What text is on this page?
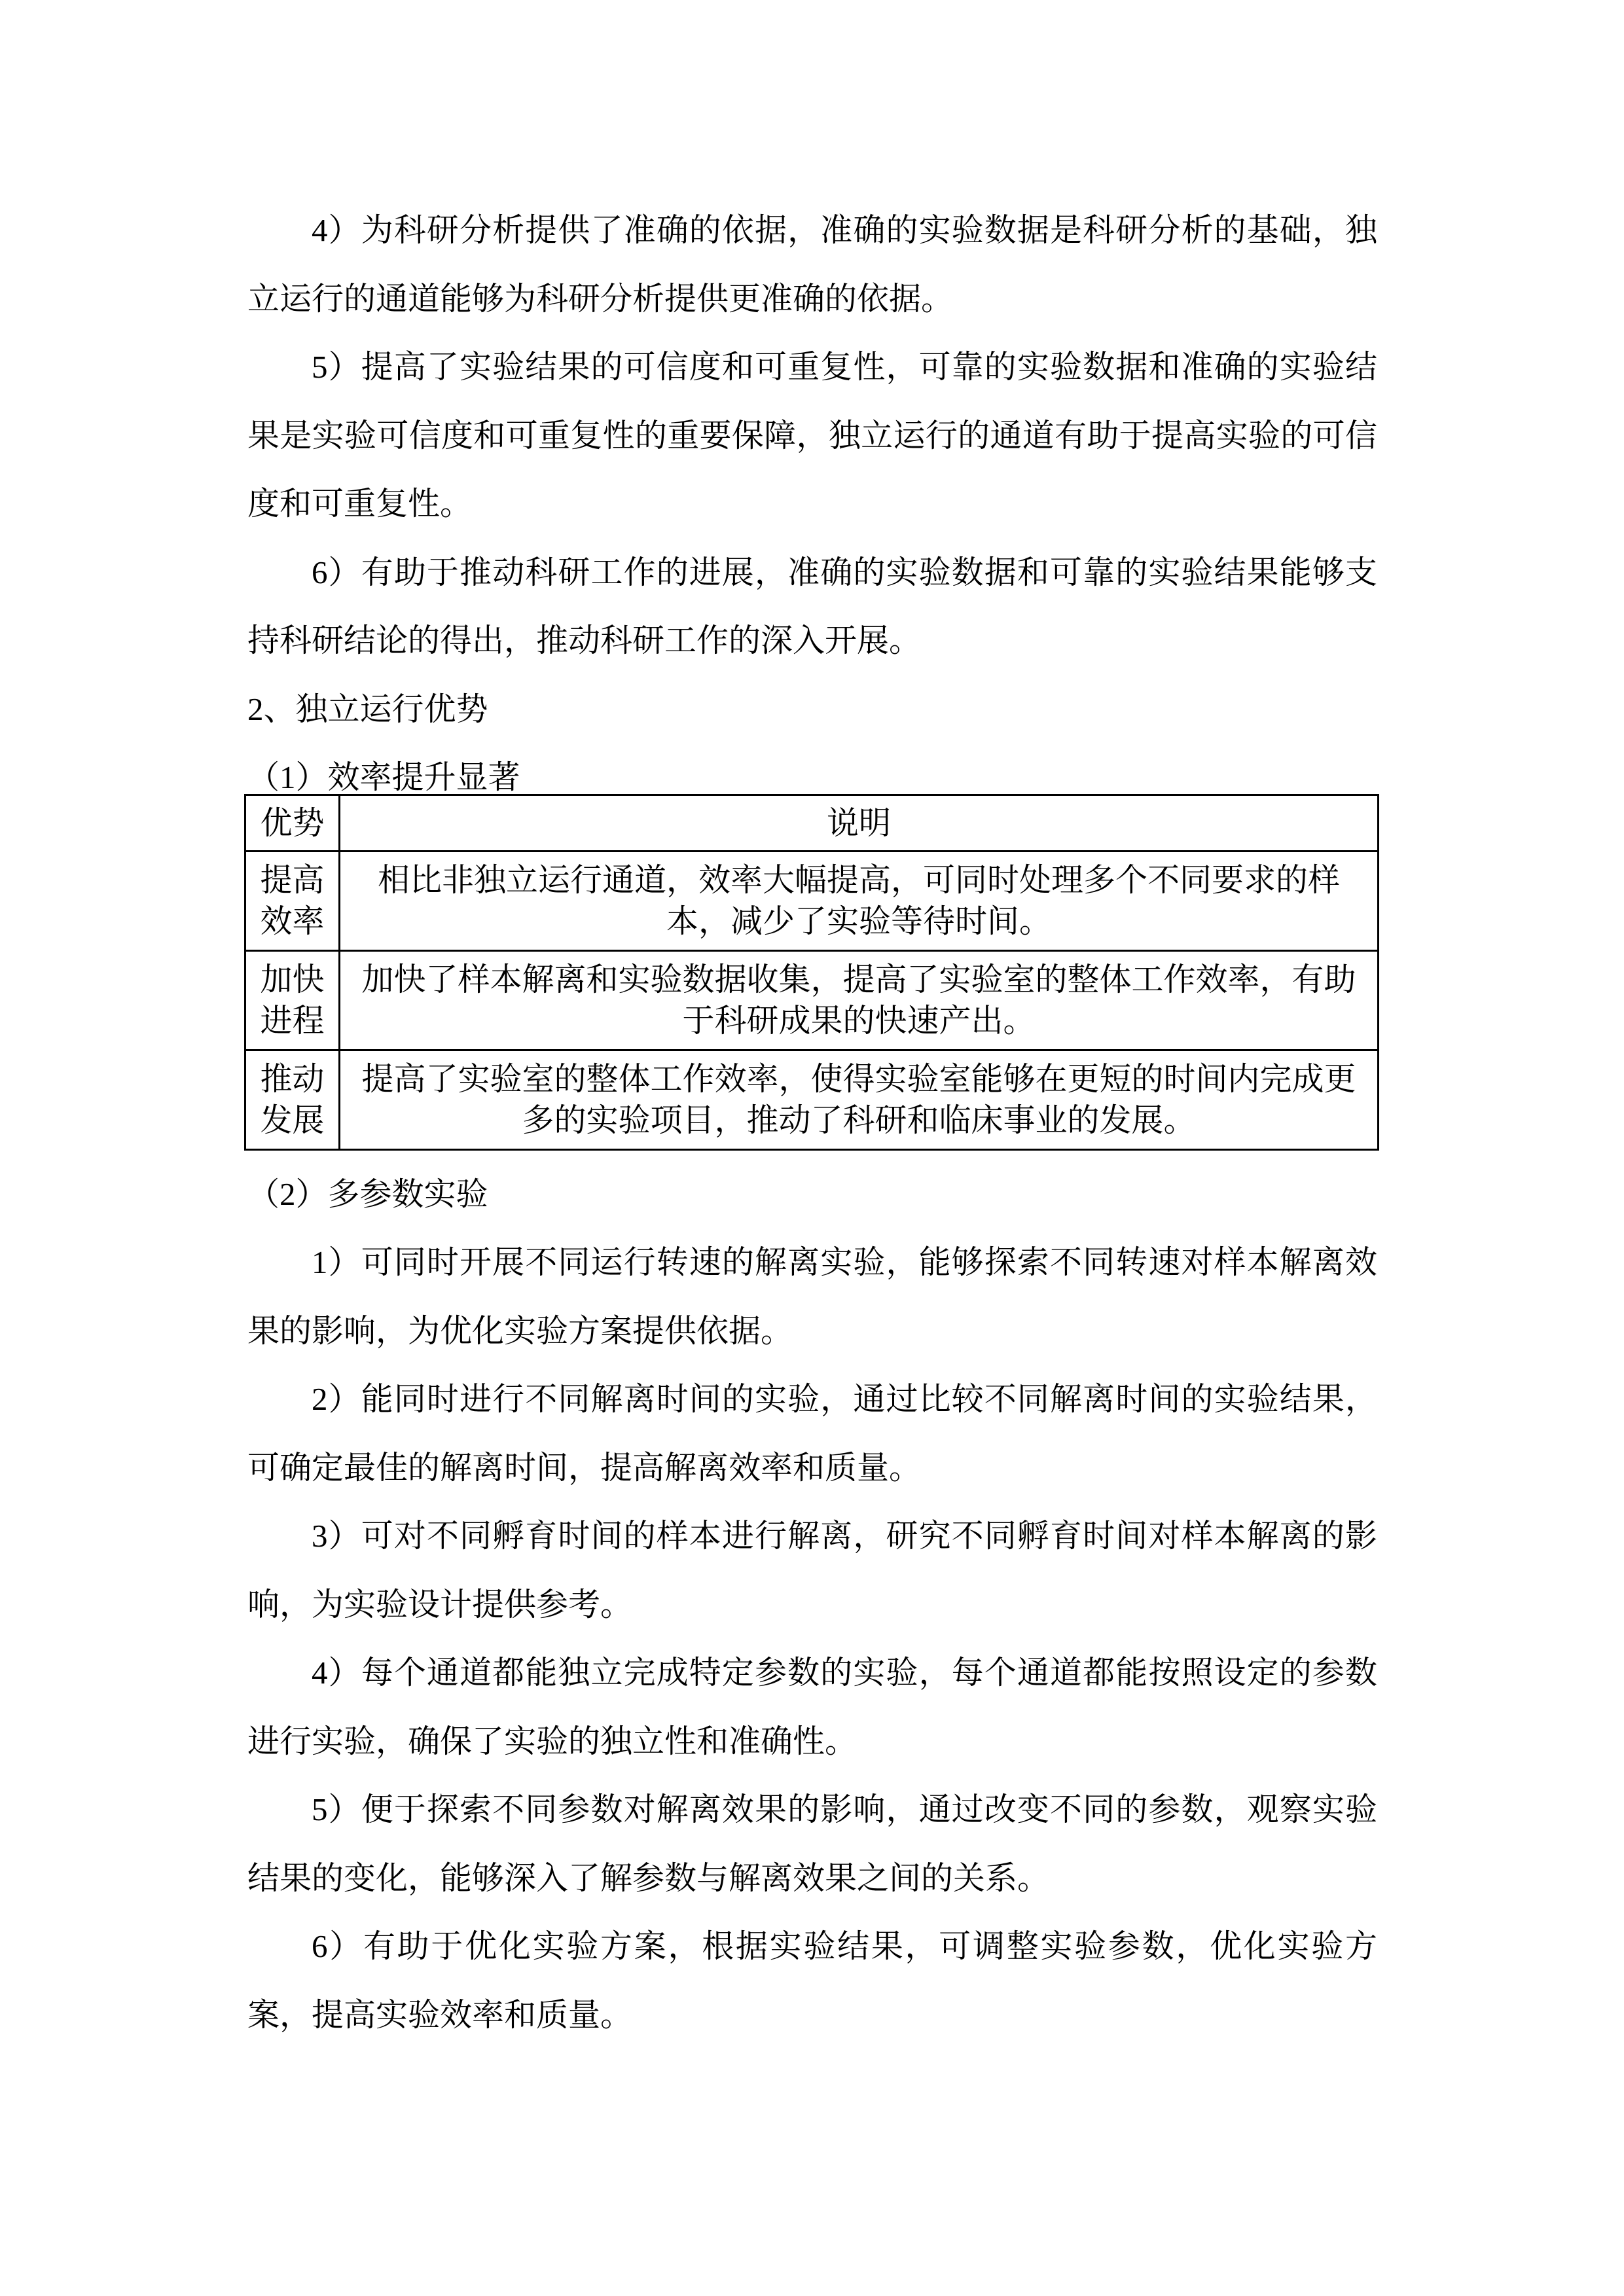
4）为科研分析提供了准确的依据，准确的实验数据是科研分析的基础，独立运行的通道能够为科研分析提供更准确的依据。

5）提高了实验结果的可信度和可重复性，可靠的实验数据和准确的实验结果是实验可信度和可重复性的重要保障，独立运行的通道有助于提高实验的可信度和可重复性。

6）有助于推动科研工作的进展，准确的实验数据和可靠的实验结果能够支持科研结论的得出，推动科研工作的深入开展。

2、独立运行优势

（1）效率提升显著

优势	说明
提高效率	相比非独立运行通道，效率大幅提高，可同时处理多个不同要求的样本，减少了实验等待时间。
加快进程	加快了样本解离和实验数据收集，提高了实验室的整体工作效率，有助于科研成果的快速产出。
推动发展	提高了实验室的整体工作效率，使得实验室能够在更短的时间内完成更多的实验项目，推动了科研和临床事业的发展。

（2）多参数实验

1）可同时开展不同运行转速的解离实验，能够探索不同转速对样本解离效果的影响，为优化实验方案提供依据。

2）能同时进行不同解离时间的实验，通过比较不同解离时间的实验结果，可确定最佳的解离时间，提高解离效率和质量。

3）可对不同孵育时间的样本进行解离，研究不同孵育时间对样本解离的影响，为实验设计提供参考。

4）每个通道都能独立完成特定参数的实验，每个通道都能按照设定的参数进行实验，确保了实验的独立性和准确性。

5）便于探索不同参数对解离效果的影响，通过改变不同的参数，观察实验结果的变化，能够深入了解参数与解离效果之间的关系。

6）有助于优化实验方案，根据实验结果，可调整实验参数，优化实验方案，提高实验效率和质量。
